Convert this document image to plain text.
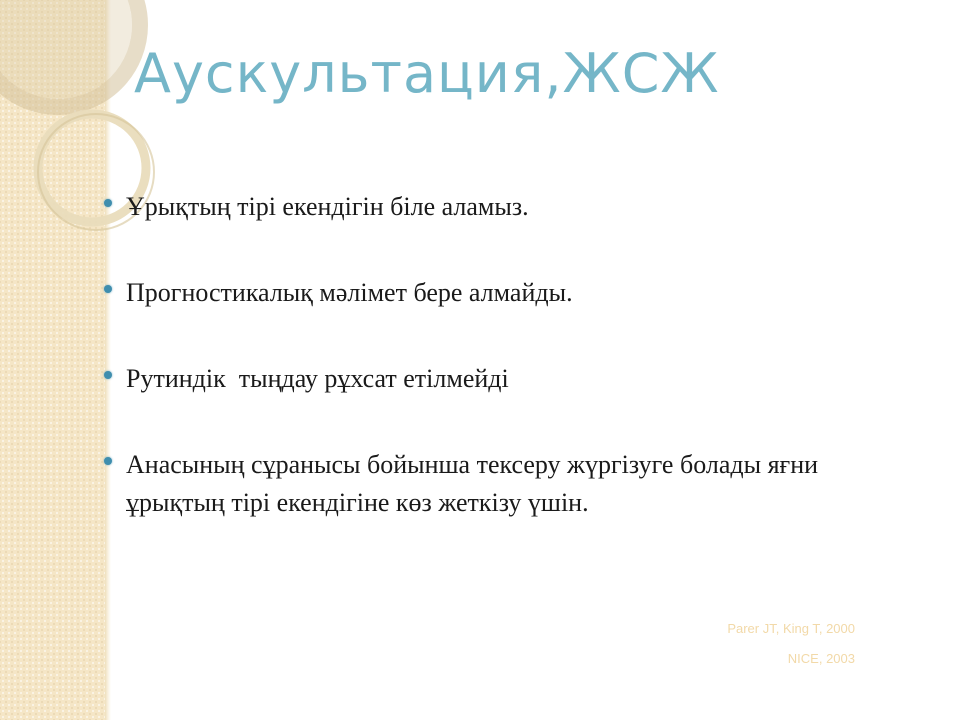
Аускультация,ЖСЖ
Ұрықтың тірі екендігін біле аламыз.
Прогностикалық мәлімет бере алмайды.
Рутиндік  тыңдау рұхсат етілмейді
Анасының сұранысы бойынша тексеру жүргізуге болады яғни ұрықтың тірі екендігіне көз жеткізу үшін.
Parer JT, King T, 2000
NICE, 2003
